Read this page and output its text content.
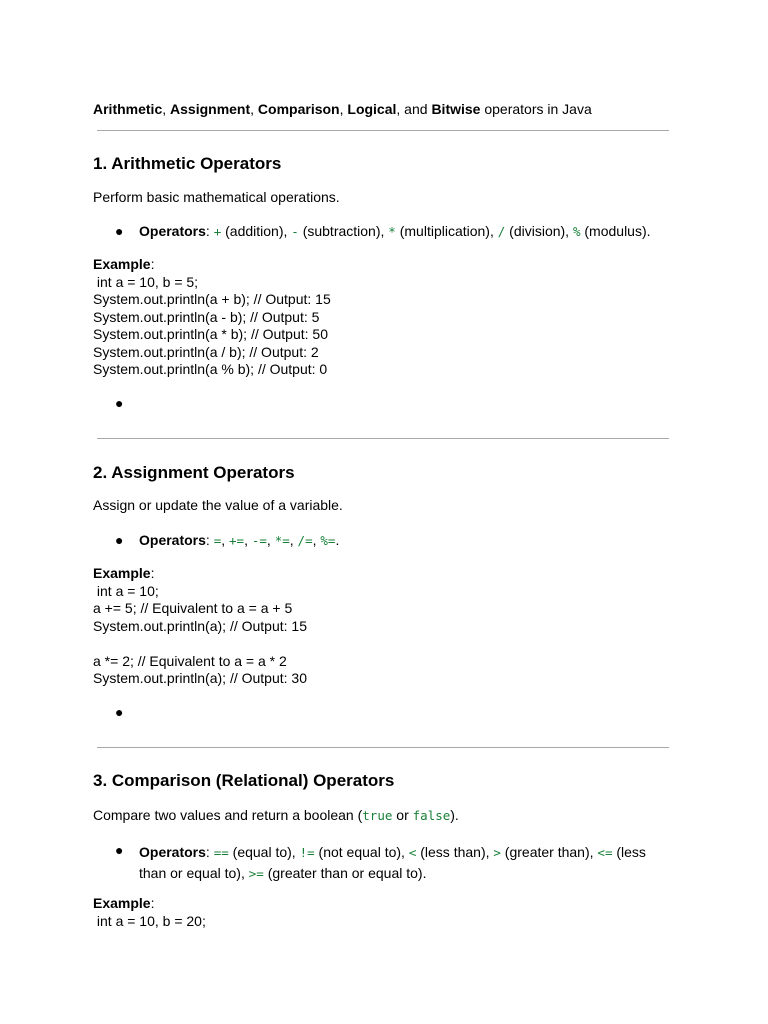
Arithmetic, Assignment, Comparison, Logical, and Bitwise operators in Java
1. Arithmetic Operators
Perform basic mathematical operations.
● Operators: + (addition), - (subtraction), * (multiplication), / (division), % (modulus).
Example:
int a = 10, b = 5;
System.out.println(a + b); // Output: 15
System.out.println(a - b); // Output: 5
System.out.println(a * b); // Output: 50
System.out.println(a / b); // Output: 2
System.out.println(a % b); // Output: 0
●
2. Assignment Operators
Assign or update the value of a variable.
● Operators: =, +=, -=, *=, /=, %=.
Example:
int a = 10;
a += 5; // Equivalent to a = a + 5
System.out.println(a); // Output: 15

a *= 2; // Equivalent to a = a * 2
System.out.println(a); // Output: 30
●
3. Comparison (Relational) Operators
Compare two values and return a boolean (true or false).
● Operators: == (equal to), != (not equal to), < (less than), > (greater than), <= (less than or equal to), >= (greater than or equal to).
Example:
int a = 10, b = 20;
